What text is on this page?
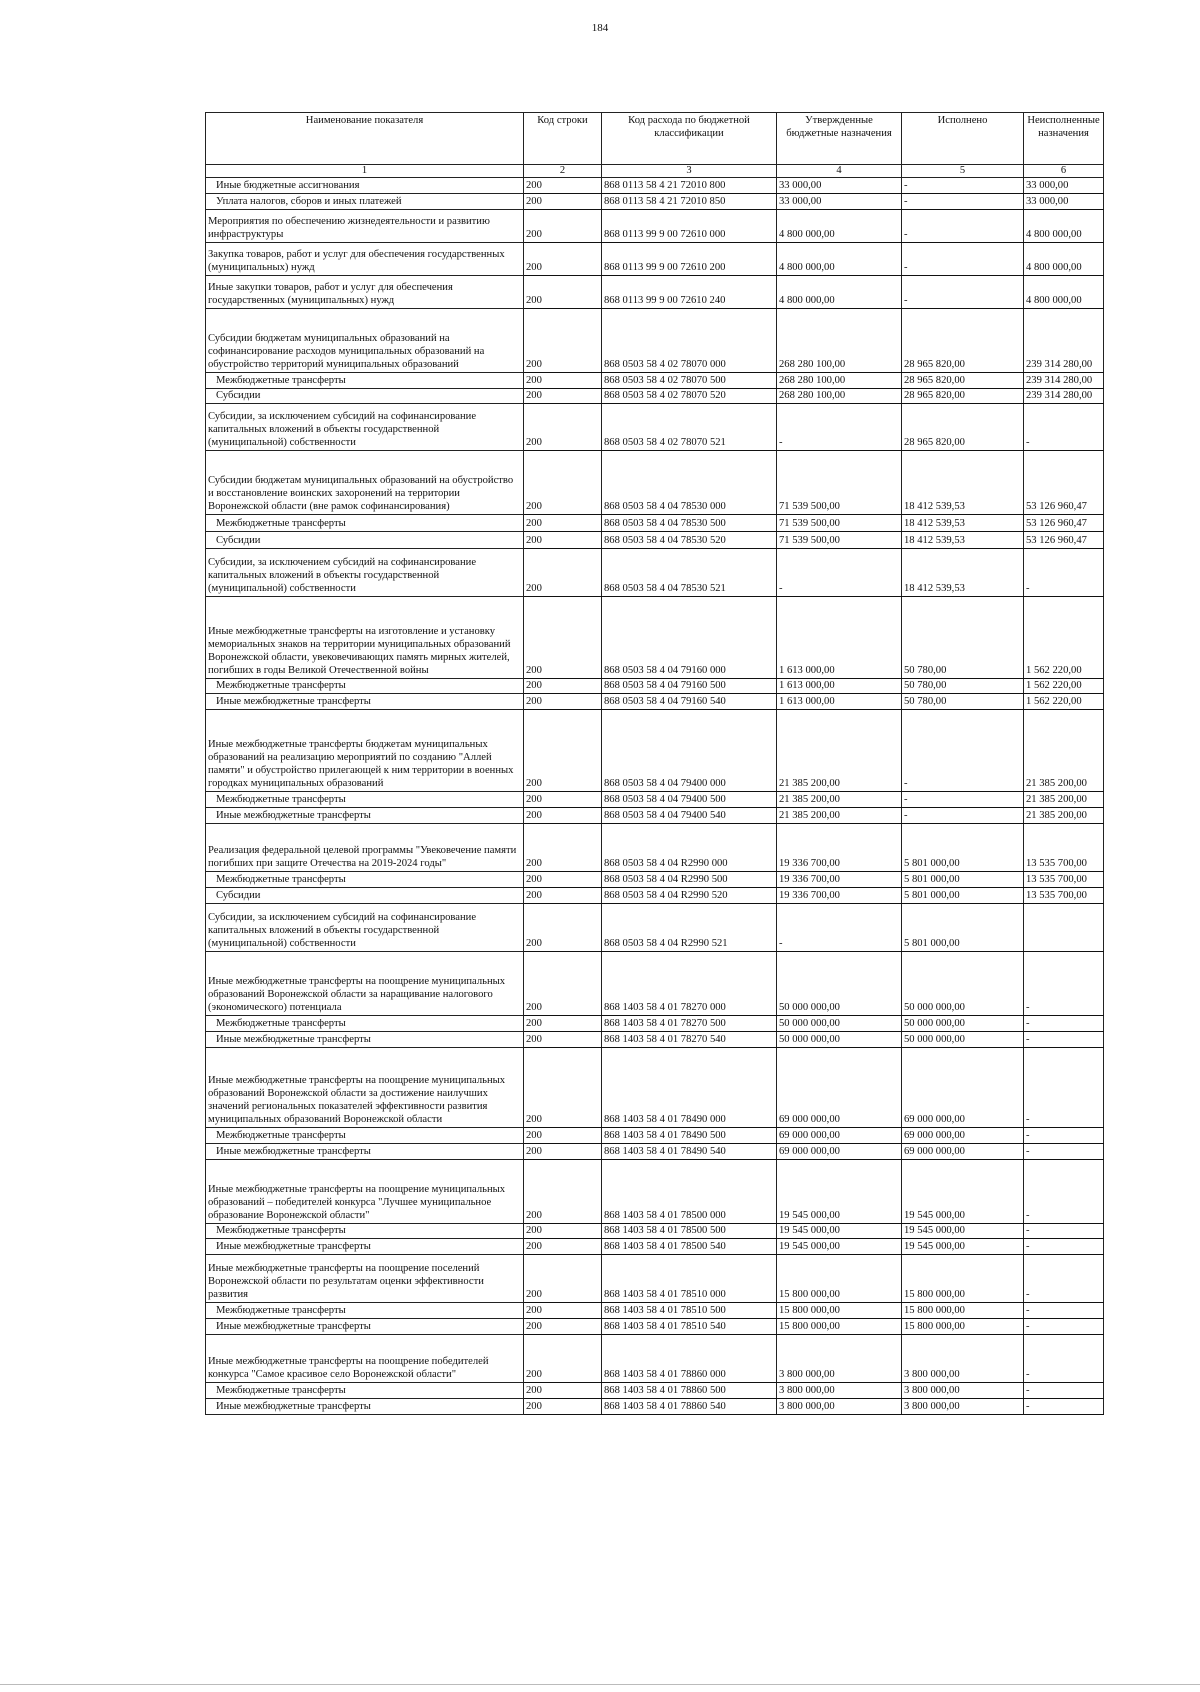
184
Наименование показателя	Код строки	Код расхода по бюджетной классификации	Утвержденные бюджетные назначения	Исполнено	Неисполненные назначения
1	2	3	4	5	6
Иные бюджетные ассигнования	200	868 0113 58 4 21 72010 800	33 000,00	-	33 000,00
Уплата налогов, сборов и иных платежей	200	868 0113 58 4 21 72010 850	33 000,00	-	33 000,00
Мероприятия по обеспечению жизнедеятельности и развитию инфраструктуры	200	868 0113 99 9 00 72610 000	4 800 000,00	-	4 800 000,00
Закупка товаров, работ и услуг для обеспечения государственных (муниципальных) нужд	200	868 0113 99 9 00 72610 200	4 800 000,00	-	4 800 000,00
Иные закупки товаров, работ и услуг для обеспечения государственных (муниципальных) нужд	200	868 0113 99 9 00 72610 240	4 800 000,00	-	4 800 000,00
Субсидии бюджетам муниципальных образований на софинансирование расходов муниципальных образований на обустройство территорий муниципальных образований	200	868 0503 58 4 02 78070 000	268 280 100,00	28 965 820,00	239 314 280,00
Межбюджетные трансферты	200	868 0503 58 4 02 78070 500	268 280 100,00	28 965 820,00	239 314 280,00
Субсидии	200	868 0503 58 4 02 78070 520	268 280 100,00	28 965 820,00	239 314 280,00
Субсидии, за исключением субсидий на софинансирование капитальных вложений в объекты государственной (муниципальной) собственности	200	868 0503 58 4 02 78070 521	-	28 965 820,00	-
Субсидии бюджетам муниципальных образований на обустройство и восстановление воинских захоронений на территории Воронежской области (вне рамок софинансирования)	200	868 0503 58 4 04 78530 000	71 539 500,00	18 412 539,53	53 126 960,47
Межбюджетные трансферты	200	868 0503 58 4 04 78530 500	71 539 500,00	18 412 539,53	53 126 960,47
Субсидии	200	868 0503 58 4 04 78530 520	71 539 500,00	18 412 539,53	53 126 960,47
Субсидии, за исключением субсидий на софинансирование капитальных вложений в объекты государственной (муниципальной) собственности	200	868 0503 58 4 04 78530 521	-	18 412 539,53	-
Иные межбюджетные трансферты на изготовление и установку мемориальных знаков на территории муниципальных образований Воронежской области, увековечивающих память мирных жителей, погибших в годы Великой Отечественной войны	200	868 0503 58 4 04 79160 000	1 613 000,00	50 780,00	1 562 220,00
Межбюджетные трансферты	200	868 0503 58 4 04 79160 500	1 613 000,00	50 780,00	1 562 220,00
Иные межбюджетные трансферты	200	868 0503 58 4 04 79160 540	1 613 000,00	50 780,00	1 562 220,00
Иные межбюджетные трансферты бюджетам муниципальных образований на реализацию мероприятий по созданию "Аллей памяти" и обустройство прилегающей к ним территории в военных городках муниципальных образований	200	868 0503 58 4 04 79400 000	21 385 200,00	-	21 385 200,00
Межбюджетные трансферты	200	868 0503 58 4 04 79400 500	21 385 200,00	-	21 385 200,00
Иные межбюджетные трансферты	200	868 0503 58 4 04 79400 540	21 385 200,00	-	21 385 200,00
Реализация федеральной целевой программы "Увековечение памяти погибших при защите Отечества на 2019-2024 годы"	200	868 0503 58 4 04 R2990 000	19 336 700,00	5 801 000,00	13 535 700,00
Межбюджетные трансферты	200	868 0503 58 4 04 R2990 500	19 336 700,00	5 801 000,00	13 535 700,00
Субсидии	200	868 0503 58 4 04 R2990 520	19 336 700,00	5 801 000,00	13 535 700,00
Субсидии, за исключением субсидий на софинансирование капитальных вложений в объекты государственной (муниципальной) собственности	200	868 0503 58 4 04 R2990 521	-	5 801 000,00	
Иные межбюджетные трансферты на поощрение муниципальных образований Воронежской области за наращивание налогового (экономического) потенциала	200	868 1403 58 4 01 78270 000	50 000 000,00	50 000 000,00	-
Межбюджетные трансферты	200	868 1403 58 4 01 78270 500	50 000 000,00	50 000 000,00	-
Иные межбюджетные трансферты	200	868 1403 58 4 01 78270 540	50 000 000,00	50 000 000,00	-
Иные межбюджетные трансферты на поощрение муниципальных образований Воронежской области за достижение наилучших значений региональных показателей эффективности развития муниципальных образований Воронежской области	200	868 1403 58 4 01 78490 000	69 000 000,00	69 000 000,00	-
Межбюджетные трансферты	200	868 1403 58 4 01 78490 500	69 000 000,00	69 000 000,00	-
Иные межбюджетные трансферты	200	868 1403 58 4 01 78490 540	69 000 000,00	69 000 000,00	-
Иные межбюджетные трансферты на поощрение муниципальных образований – победителей конкурса "Лучшее муниципальное образование Воронежской области"	200	868 1403 58 4 01 78500 000	19 545 000,00	19 545 000,00	-
Межбюджетные трансферты	200	868 1403 58 4 01 78500 500	19 545 000,00	19 545 000,00	-
Иные межбюджетные трансферты	200	868 1403 58 4 01 78500 540	19 545 000,00	19 545 000,00	-
Иные межбюджетные трансферты на поощрение поселений Воронежской области по результатам оценки эффективности развития	200	868 1403 58 4 01 78510 000	15 800 000,00	15 800 000,00	-
Межбюджетные трансферты	200	868 1403 58 4 01 78510 500	15 800 000,00	15 800 000,00	-
Иные межбюджетные трансферты	200	868 1403 58 4 01 78510 540	15 800 000,00	15 800 000,00	-
Иные межбюджетные трансферты на поощрение победителей конкурса "Самое красивое село Воронежской области"	200	868 1403 58 4 01 78860 000	3 800 000,00	3 800 000,00	-
Межбюджетные трансферты	200	868 1403 58 4 01 78860 500	3 800 000,00	3 800 000,00	-
Иные межбюджетные трансферты	200	868 1403 58 4 01 78860 540	3 800 000,00	3 800 000,00	-
